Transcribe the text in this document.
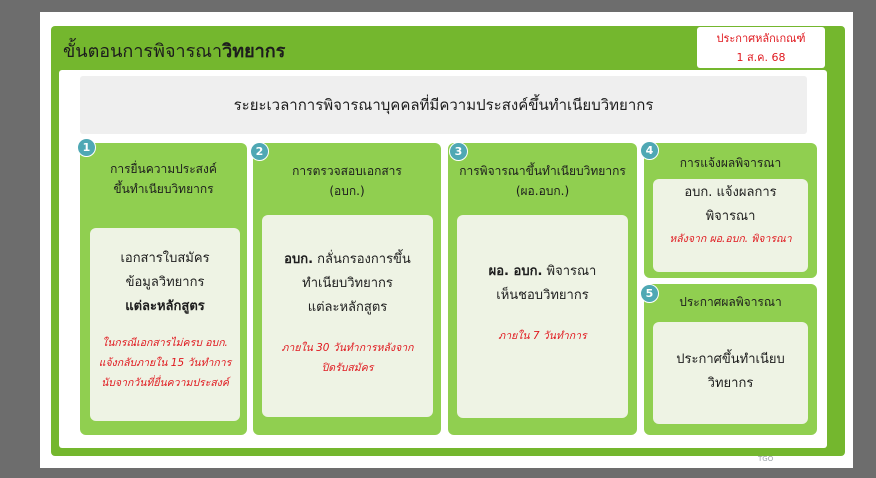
ขั้นตอนการพิจารณาวิทยากร
ประกาศหลักเกณฑ์
1 ส.ค. 68
ระยะเวลาการพิจารณาบุคคลที่มีความประสงค์ขึ้นทำเนียบวิทยากร
การยื่นความประสงค์
ขึ้นทำเนียบวิทยากร
เอกสารใบสมัคร
ข้อมูลวิทยากร
แต่ละหลักสูตร
ในกรณีเอกสารไม่ครบ อบก.
แจ้งกลับภายใน 15 วันทำการ
นับจากวันที่ยื่นความประสงค์
การตรวจสอบเอกสาร
(อบก.)
อบก. กลั่นกรองการขึ้น
ทำเนียบวิทยากร
แต่ละหลักสูตร
ภายใน 30 วันทำการหลังจาก
ปิดรับสมัคร
การพิจารณาขึ้นทำเนียบวิทยากร
(ผอ.อบก.)
ผอ. อบก. พิจารณา
เห็นชอบวิทยากร
ภายใน 7 วันทำการ
การแจ้งผลพิจารณา
อบก. แจ้งผลการ
พิจารณา
หลังจาก ผอ.อบก. พิจารณา
ประกาศผลพิจารณา
ประกาศขึ้นทำเนียบ
วิทยากร
1	2	3	4
5
TGO
